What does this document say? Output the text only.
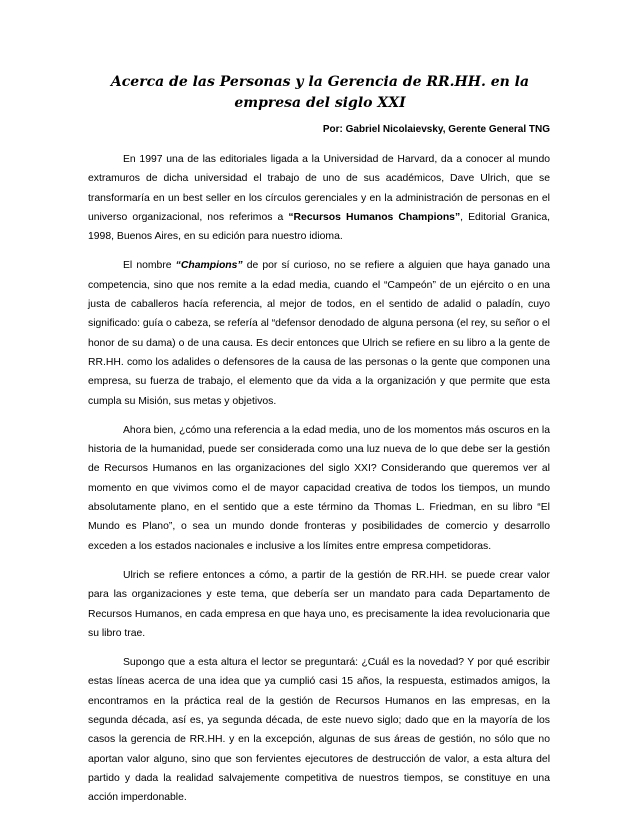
Acerca de las Personas y la Gerencia de RR.HH. en la empresa del siglo XXI

Por: Gabriel Nicolaievsky, Gerente General TNG

En 1997 una de las editoriales ligada a la Universidad de Harvard, da a conocer al mundo extramuros de dicha universidad el trabajo de uno de sus académicos, Dave Ulrich, que se transformaría en un best seller en los círculos gerenciales y en la administración de personas en el universo organizacional, nos referimos a “Recursos Humanos Champions”, Editorial Granica, 1998, Buenos Aires, en su edición para nuestro idioma.

El nombre “Champions” de por sí curioso, no se refiere a alguien que haya ganado una competencia, sino que nos remite a la edad media, cuando el “Campeón” de un ejército o en una justa de caballeros hacía referencia, al mejor de todos, en el sentido de adalid o paladín, cuyo significado: guía o cabeza, se refería al “defensor denodado de alguna persona (el rey, su señor o el honor de su dama) o de una causa. Es decir entonces que Ulrich se refiere en su libro a la gente de RR.HH. como los adalides o defensores de la causa de las personas o la gente que componen una empresa, su fuerza de trabajo, el elemento que da vida a la organización y que permite que esta cumpla su Misión, sus metas y objetivos.

Ahora bien, ¿cómo una referencia a la edad media, uno de los momentos más oscuros en la historia de la humanidad, puede ser considerada como una luz nueva de lo que debe ser la gestión de Recursos Humanos en las organizaciones del siglo XXI? Considerando que queremos ver al momento en que vivimos como el de mayor capacidad creativa de todos los tiempos, un mundo absolutamente plano, en el sentido que a este término da Thomas L. Friedman, en su libro “El Mundo es Plano”, o sea un mundo donde fronteras y posibilidades de comercio y desarrollo exceden a los estados nacionales e inclusive a los límites entre empresa competidoras.

Ulrich se refiere entonces a cómo, a partir de la gestión de RR.HH. se puede crear valor para las organizaciones y este tema, que debería ser un mandato para cada Departamento de Recursos Humanos, en cada empresa en que haya uno, es precisamente la idea revolucionaria que su libro trae.

Supongo que a esta altura el lector se preguntará: ¿Cuál es la novedad? Y por qué escribir estas líneas acerca de una idea que ya cumplió casi 15 años, la respuesta, estimados amigos, la encontramos en la práctica real de la gestión de Recursos Humanos en las empresas, en la segunda década, así es, ya segunda década, de este nuevo siglo; dado que en la mayoría de los casos la gerencia de RR.HH. y en la excepción, algunas de sus áreas de gestión, no sólo que no aportan valor alguno, sino que son fervientes ejecutores de destrucción de valor, a esta altura del partido y dada la realidad salvajemente competitiva de nuestros tiempos, se constituye en una acción imperdonable.
